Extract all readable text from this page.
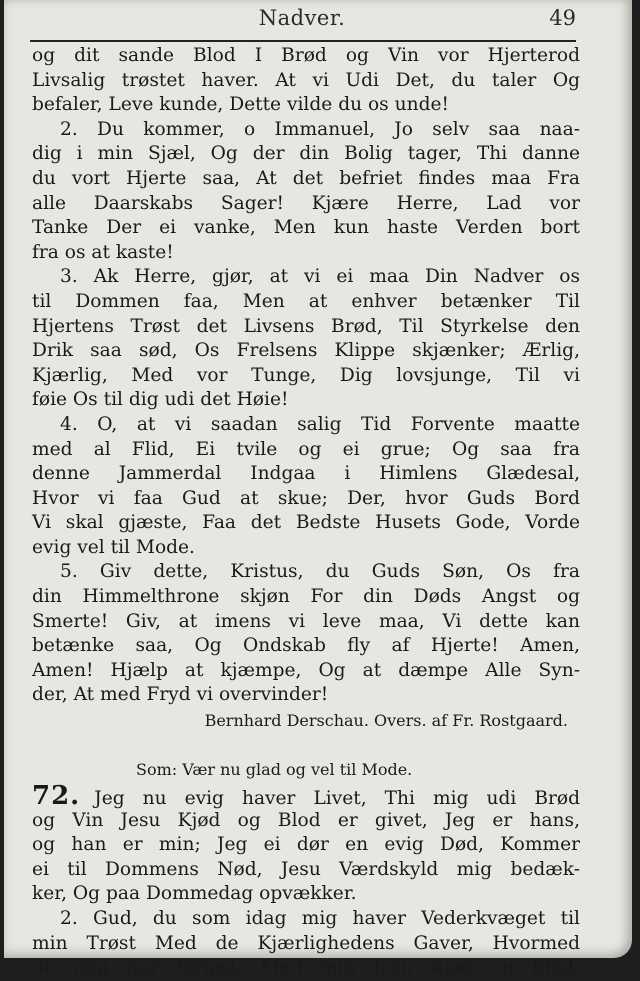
Nadver.	49
og dit sande Blod I Brød og Vin vor Hjerterod
Livsalig trøstet haver. At vi Udi Det, du taler Og
befaler, Leve kunde, Dette vilde du os unde!
2. Du kommer, o Immanuel, Jo selv saa naa-
dig i min Sjæl, Og der din Bolig tager, Thi danne
du vort Hjerte saa, At det befriet findes maa Fra
alle Daarskabs Sager! Kjære Herre, Lad vor
Tanke Der ei vanke, Men kun haste Verden bort
fra os at kaste!
3. Ak Herre, gjør, at vi ei maa Din Nadver os
til Dommen faa, Men at enhver betænker Til
Hjertens Trøst det Livsens Brød, Til Styrkelse den
Drik saa sød, Os Frelsens Klippe skjænker; Ærlig,
Kjærlig, Med vor Tunge, Dig lovsjunge, Til vi
føie Os til dig udi det Høie!
4. O, at vi saadan salig Tid Forvente maatte
med al Flid, Ei tvile og ei grue; Og saa fra
denne Jammerdal Indgaa i Himlens Glædesal,
Hvor vi faa Gud at skue; Der, hvor Guds Bord
Vi skal gjæste, Faa det Bedste Husets Gode, Vorde
evig vel til Mode.
5. Giv dette, Kristus, du Guds Søn, Os fra
din Himmelthrone skjøn For din Døds Angst og
Smerte! Giv, at imens vi leve maa, Vi dette kan
betænke saa, Og Ondskab fly af Hjerte! Amen,
Amen! Hjælp at kjæmpe, Og at dæmpe Alle Syn-
der, At med Fryd vi overvinder!
Bernhard Derschau. Overs. af Fr. Rostgaard.
Som: Vær nu glad og vel til Mode.
72. Jeg nu evig haver Livet, Thi mig udi Brød
og Vin Jesu Kjød og Blod er givet, Jeg er hans,
og han er min; Jeg ei dør en evig Død, Kommer
ei til Dommens Nød, Jesu Værdskyld mig bedæk-
ker, Og paa Dommedag opvækker.
2. Gud, du som idag mig haver Vederkvæget til
min Trøst Med de Kjærlighedens Gaver, Hvormed
du mig har forløst, Med min Jesu Kjød og Blod,
